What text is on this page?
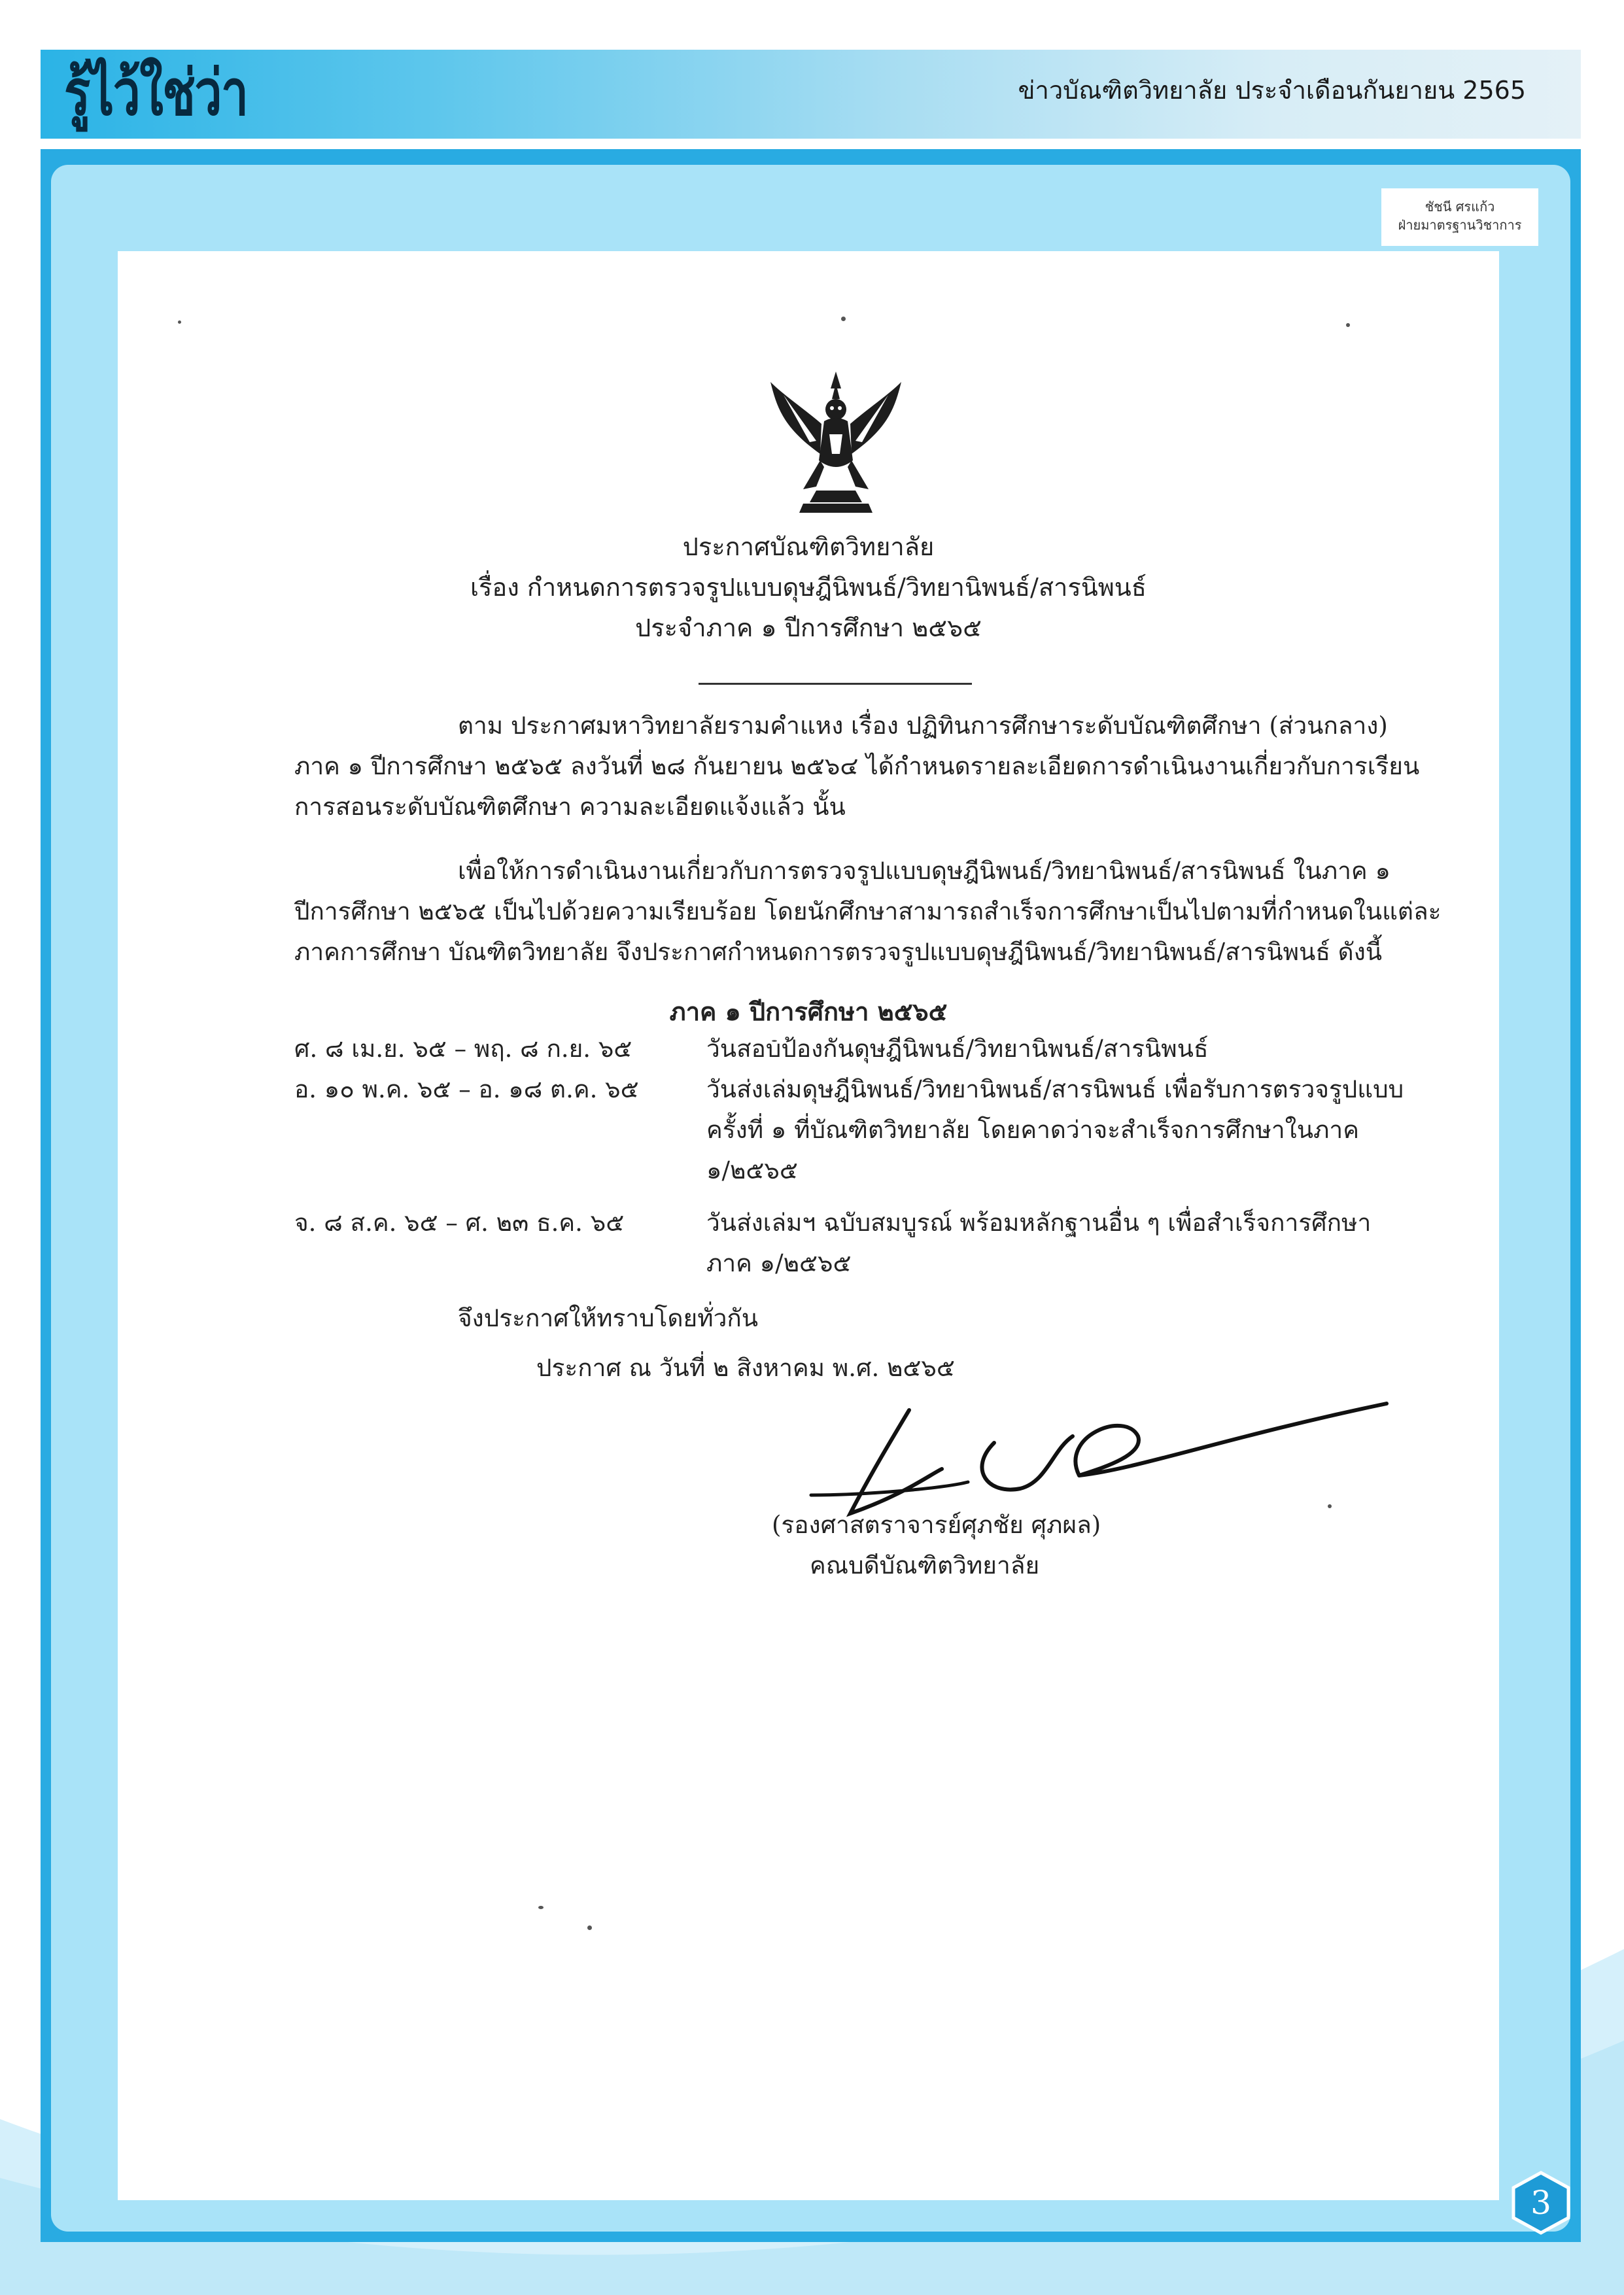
รู้ไว้ใช่ว่า	ข่าวบัณฑิตวิทยาลัย ประจำเดือนกันยายน 2565
ชัชนี ศรแก้ว
ฝ่ายมาตรฐานวิชาการ
ประกาศบัณฑิตวิทยาลัย
เรื่อง กำหนดการตรวจรูปแบบดุษฎีนิพนธ์/วิทยานิพนธ์/สารนิพนธ์
ประจำภาค ๑ ปีการศึกษา ๒๕๖๕
ตาม ประกาศมหาวิทยาลัยรามคำแหง เรื่อง ปฏิทินการศึกษาระดับบัณฑิตศึกษา (ส่วนกลาง)
ภาค ๑ ปีการศึกษา ๒๕๖๕ ลงวันที่ ๒๘ กันยายน ๒๕๖๔ ได้กำหนดรายละเอียดการดำเนินงานเกี่ยวกับการเรียน
การสอนระดับบัณฑิตศึกษา ความละเอียดแจ้งแล้ว นั้น
เพื่อให้การดำเนินงานเกี่ยวกับการตรวจรูปแบบดุษฎีนิพนธ์/วิทยานิพนธ์/สารนิพนธ์ ในภาค ๑
ปีการศึกษา ๒๕๖๕ เป็นไปด้วยความเรียบร้อย โดยนักศึกษาสามารถสำเร็จการศึกษาเป็นไปตามที่กำหนดในแต่ละ
ภาคการศึกษา บัณฑิตวิทยาลัย จึงประกาศกำหนดการตรวจรูปแบบดุษฎีนิพนธ์/วิทยานิพนธ์/สารนิพนธ์ ดังนี้
ภาค ๑ ปีการศึกษา ๒๕๖๕
ศ. ๘ เม.ย. ๖๕ – พฤ. ๘ ก.ย. ๖๕	วันสอบป้องกันดุษฎีนิพนธ์/วิทยานิพนธ์/สารนิพนธ์
อ. ๑๐ พ.ค. ๖๕ – อ. ๑๘ ต.ค. ๖๕	วันส่งเล่มดุษฎีนิพนธ์/วิทยานิพนธ์/สารนิพนธ์ เพื่อรับการตรวจรูปแบบ
ครั้งที่ ๑ ที่บัณฑิตวิทยาลัย โดยคาดว่าจะสำเร็จการศึกษาในภาค
๑/๒๕๖๕
จ. ๘ ส.ค. ๖๕ – ศ. ๒๓ ธ.ค. ๖๕	วันส่งเล่มฯ ฉบับสมบูรณ์ พร้อมหลักฐานอื่น ๆ เพื่อสำเร็จการศึกษา
ภาค ๑/๒๕๖๕
จึงประกาศให้ทราบโดยทั่วกัน
ประกาศ ณ วันที่ ๒ สิงหาคม พ.ศ. ๒๕๖๕
(รองศาสตราจารย์ศุภชัย ศุภผล)
คณบดีบัณฑิตวิทยาลัย
3
